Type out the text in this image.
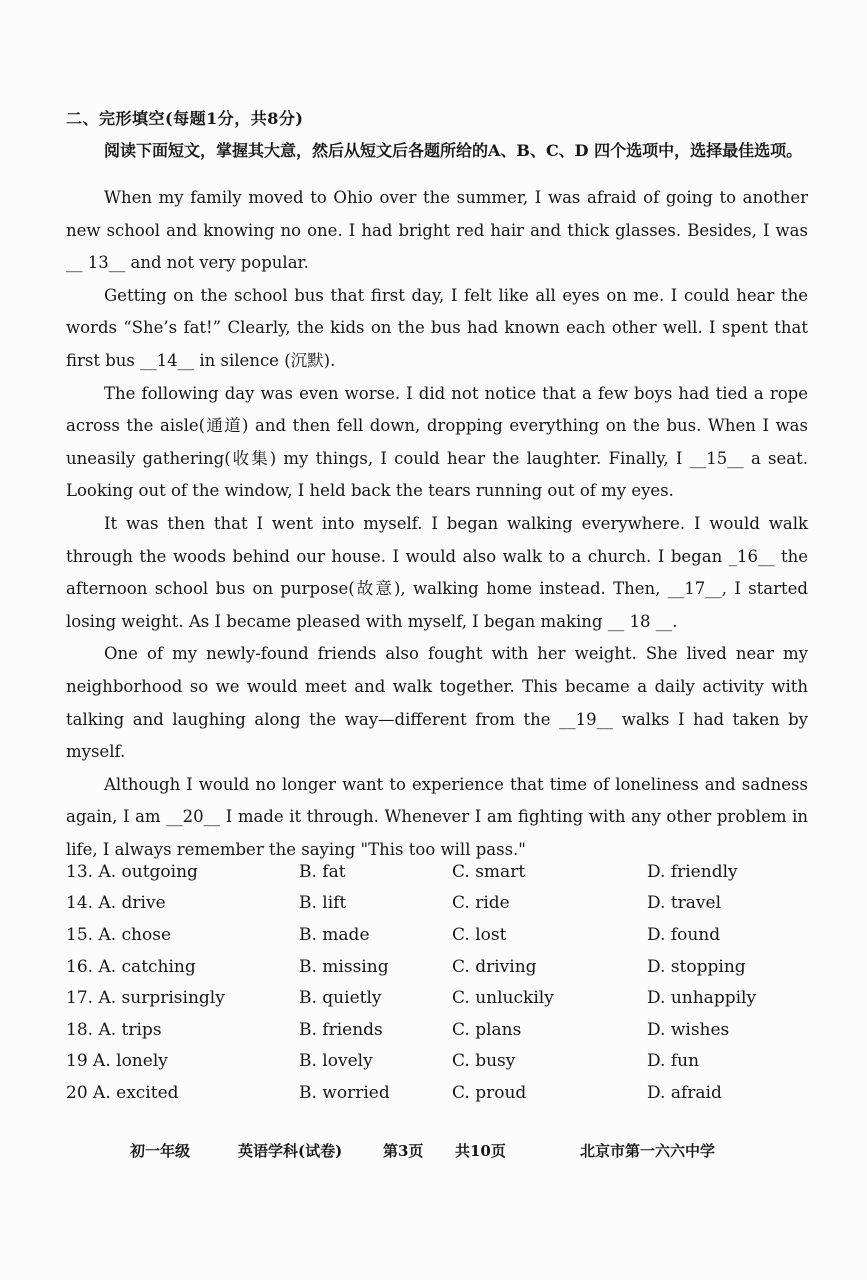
二、完形填空(每题1分，共8分)
阅读下面短文，掌握其大意，然后从短文后各题所给的A、B、C、D 四个选项中，选择最佳选项。

When my family moved to Ohio over the summer, I was afraid of going to another new school and knowing no one. I had bright red hair and thick glasses. Besides, I was __ 13__ and not very popular.

Getting on the school bus that first day, I felt like all eyes on me. I could hear the words “She’s fat!” Clearly, the kids on the bus had known each other well. I spent that first bus __14__ in silence (沉默).

The following day was even worse. I did not notice that a few boys had tied a rope across the aisle(通道) and then fell down, dropping everything on the bus. When I was uneasily gathering(收集) my things, I could hear the laughter. Finally, I __15__ a seat. Looking out of the window, I held back the tears running out of my eyes.

It was then that I went into myself. I began walking everywhere. I would walk through the woods behind our house. I would also walk to a church. I began _16__ the afternoon school bus on purpose(故意), walking home instead. Then, __17__, I started losing weight. As I became pleased with myself, I began making __ 18 __.

One of my newly-found friends also fought with her weight. She lived near my neighborhood so we would meet and walk together. This became a daily activity with talking and laughing along the way—different from the __19__ walks I had taken by myself.

Although I would no longer want to experience that time of loneliness and sadness again, I am __20__ I made it through. Whenever I am fighting with any other problem in life, I always remember the saying "This too will pass."

13. A. outgoing	B. fat	C. smart	D. friendly
14. A. drive	B. lift	C. ride	D. travel
15. A. chose	B. made	C. lost	D. found
16. A. catching	B. missing	C. driving	D. stopping
17. A. surprisingly	B. quietly	C. unluckily	D. unhappily
18. A. trips	B. friends	C. plans	D. wishes
19 A. lonely	B. lovely	C. busy	D. fun
20 A. excited	B. worried	C. proud	D. afraid
初一年级	英语学科(试卷)	第3页 共10页	北京市第一六六中学
